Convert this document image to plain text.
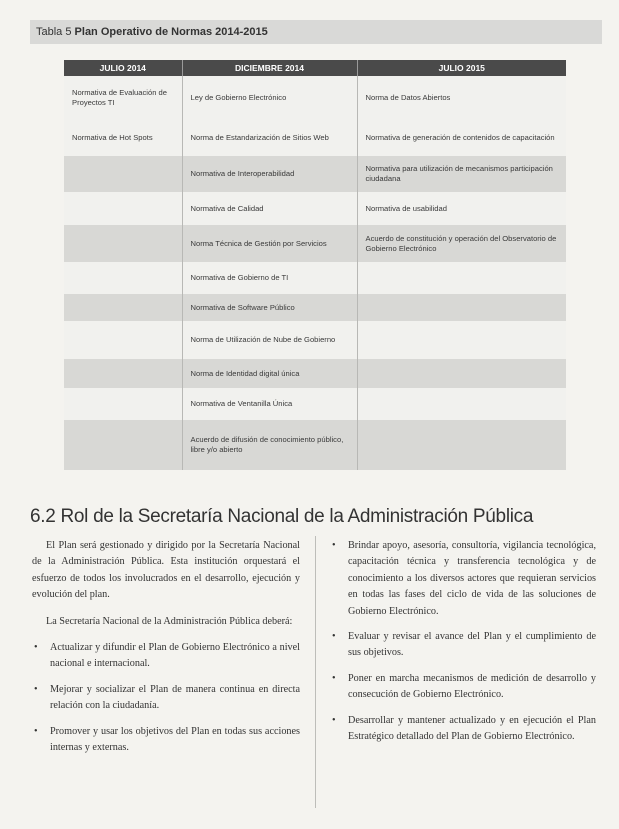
Tabla 5 Plan Operativo de Normas 2014-2015
JULIO 2014	DICIEMBRE 2014	JULIO 2015
Normativa de Evaluación de Proyectos TI	Ley de Gobierno Electrónico	Norma de Datos Abiertos
Normativa de Hot Spots	Norma de Estandarización de Sitios Web	Normativa de generación de contenidos de capacitación
	Normativa de Interoperabilidad	Normativa para utilización de mecanismos participación ciudadana
	Normativa de Calidad	Normativa de usabilidad
	Norma Técnica de Gestión por Servicios	Acuerdo de constitución y operación del Observatorio de Gobierno Electrónico
	Normativa de Gobierno de TI	
	Normativa de Software Público	
	Norma de Utilización de Nube de Gobierno	
	Norma de Identidad digital única	
	Normativa de Ventanilla Única	
	Acuerdo de difusión de conocimiento público, libre y/o abierto	
6.2 Rol de la Secretaría Nacional de la Administración Pública

El Plan será gestionado y dirigido por la Secretaría Nacional de la Administración Pública. Esta institución orquestará el esfuerzo de todos los involucrados en el desarrollo, ejecución y evolución del plan.

La Secretaría Nacional de la Administración Pública deberá:

• Actualizar y difundir el Plan de Gobierno Electrónico a nivel nacional e internacional.
• Mejorar y socializar el Plan de manera continua en directa relación con la ciudadanía.
• Promover y usar los objetivos del Plan en todas sus acciones internas y externas.
• Brindar apoyo, asesoría, consultoría, vigilancia tecnológica, capacitación técnica y transferencia tecnológica y de conocimiento a los diversos actores que requieran servicios en todas las fases del ciclo de vida de las soluciones de Gobierno Electrónico.
• Evaluar y revisar el avance del Plan y el cumplimiento de sus objetivos.
• Poner en marcha mecanismos de medición de desarrollo y consecución de Gobierno Electrónico.
• Desarrollar y mantener actualizado y en ejecución el Plan Estratégico detallado del Plan de Gobierno Electrónico.
